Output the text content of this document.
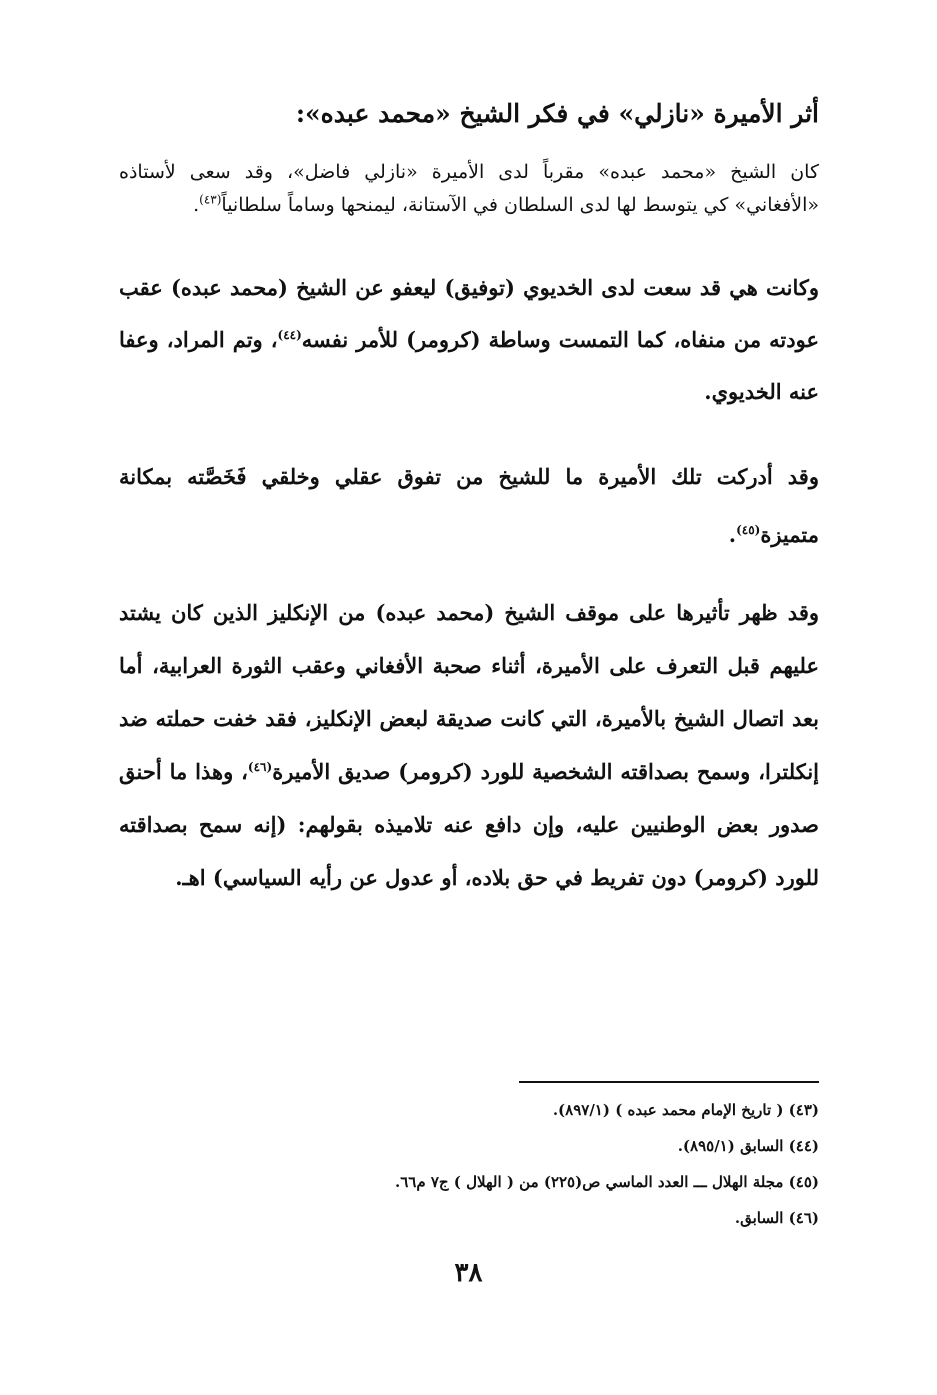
أثر الأميرة «نازلي» في فكر الشيخ «محمد عبده»:

كان الشيخ «محمد عبده» مقرباً لدى الأميرة «نازلي فاضل»، وقد سعى لأستاذه «الأفغاني» كي يتوسط لها لدى السلطان في الآستانة، ليمنحها وساماً سلطانياً$^{(٤٣)}$.

وكانت هي قد سعت لدى الخديوي (توفيق) ليعفو عن الشيخ (محمد عبده) عقب عودته من منفاه، كما التمست وساطة (كرومر) للأمر نفسه$^{(٤٤)}$، وتم المراد، وعفا عنه الخديوي.

وقد أدركت تلك الأميرة ما للشيخ من تفوق عقلي وخلقي فَخَصَّته بمكانة متميزة$^{(٤٥)}$.

وقد ظهر تأثيرها على موقف الشيخ (محمد عبده) من الإنكليز الذين كان يشتد عليهم قبل التعرف على الأميرة، أثناء صحبة الأفغاني وعقب الثورة العرابية، أما بعد اتصال الشيخ بالأميرة، التي كانت صديقة لبعض الإنكليز، فقد خفت حملته ضد إنكلترا، وسمح بصداقته الشخصية للورد (كرومر) صديق الأميرة$^{(٤٦)}$، وهذا ما أحنق صدور بعض الوطنيين عليه، وإن دافع عنه تلاميذه بقولهم: (إنه سمح بصداقته للورد (كرومر) دون تفريط في حق بلاده، أو عدول عن رأيه السياسي) اهـ.

(٤٣) ( تاريخ الإمام محمد عبده ) (٨٩٧/١).
(٤٤) السابق (٨٩٥/١).
(٤٥) مجلة الهلال ـــ العدد الماسي ص(٢٢٥) من ( الهلال ) ج٧ م٦٦.
(٤٦) السابق.
٣٨
